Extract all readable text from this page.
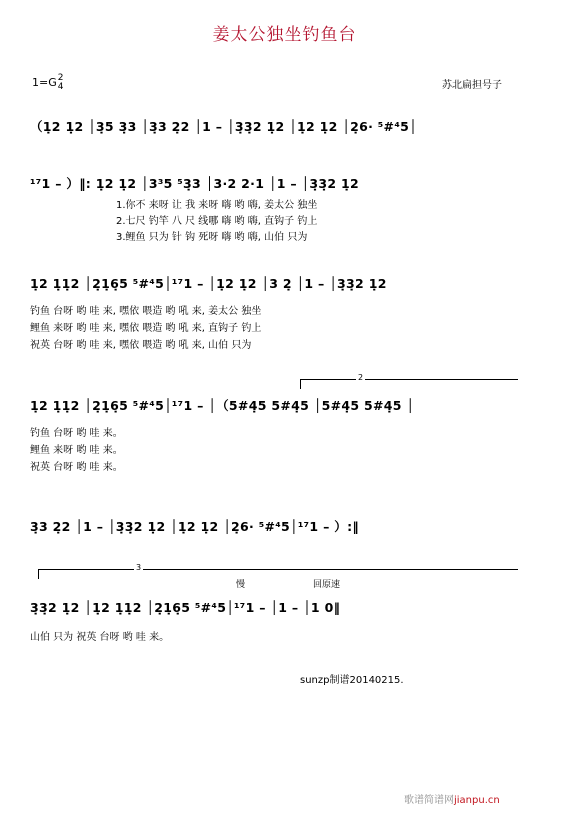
姜太公独坐钓鱼台
1=G2
4	苏北扁担号子
（1̣2 1̣2 │3̣5 3̣3 │3̣3 2̣2 │1 – │3̣3̣2 1̣2 │1̣2 1̣2 │2̣6· ⁵#⁴5│
¹⁷1 – ）‖: 1̣2 1̣2 │3³5 ⁵3̣3 │3·2 2·1 │1 – │3̣3̣2 1̣2
1.你不 来呀 让 我 来呀 嗨 哟 嗨, 姜太公 独坐
2.七尺 钓竿 八 尺 线哪 嗨 哟 嗨, 直钩子 钓上
3.鲤鱼 只为 针 钩 死呀 嗨 哟 嗨, 山伯 只为
1̣2 1̣1̣2 │2̣1̣6̣5 ⁵#⁴5│¹⁷1 – │1̣2 1̣2 │3 2̣ │1 – │3̣3̣2 1̣2
钓鱼 台呀 哟 哇 来, 嘿依 喂造 哟 吼 来, 姜太公 独坐
鲤鱼 来呀 哟 哇 来, 嘿依 喂造 哟 吼 来, 直钩子 钓上
祝英 台呀 哟 哇 来, 嘿依 喂造 哟 吼 来, 山伯 只为
2
1̣2 1̣1̣2 │2̣1̣6̣5 ⁵#⁴5│¹⁷1 – │（5#4̣5 5#4̣5 │5#4̣5 5#4̣5 │
钓鱼 台呀 哟 哇 来。
鲤鱼 来呀 哟 哇 来。
祝英 台呀 哟 哇 来。
3̣3 2̣2 │1 – │3̣3̣2 1̣2 │1̣2 1̣2 │2̣6· ⁵#⁴5│¹⁷1 – ）:‖
3
慢	回原速
3̣3̣2 1̣2 │1̣2 1̣1̣2 │2̣1̣6̣5 ⁵#⁴5│¹⁷1 – │1 – │1 0‖
山伯 只为 祝英 台呀 哟 哇 来。
sunzp制谱20140215.
歌谱简谱网jianpu.cn
